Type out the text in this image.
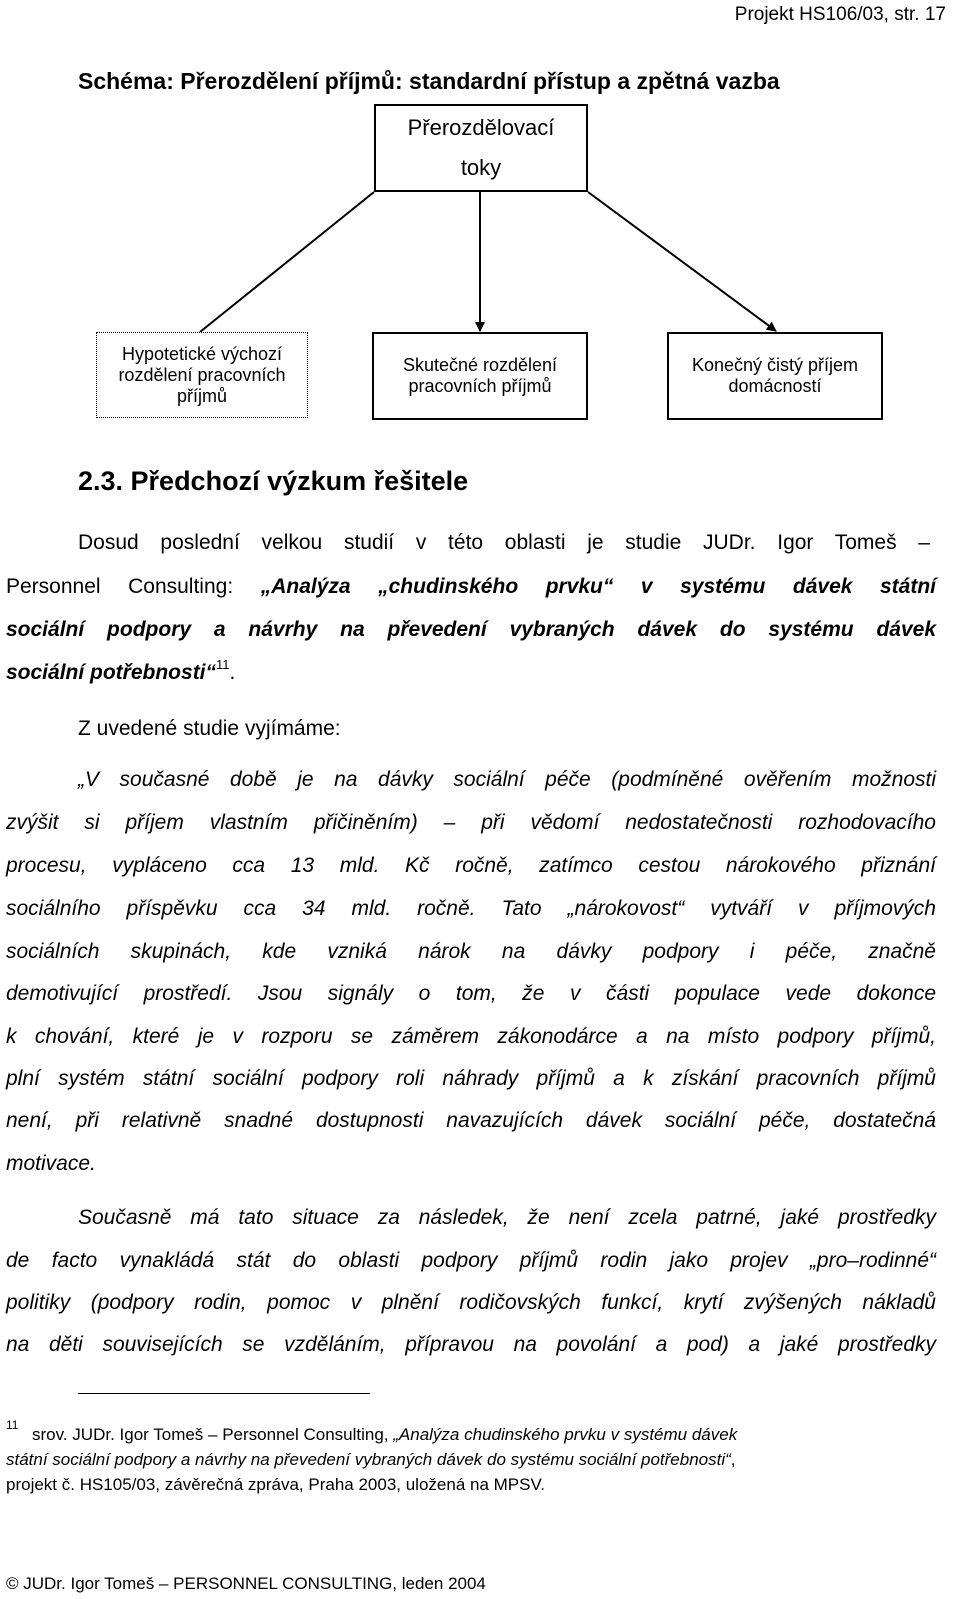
Projekt HS106/03, str. 17
Schéma: Přerozdělení příjmů: standardní přístup a zpětná vazba
Přerozdělovací
toky
Hypotetické výchozí
rozdělení pracovních
příjmů
Skutečné rozdělení
pracovních příjmů
Konečný čistý příjem
domácností
2.3. Předchozí výzkum řešitele
Dosud poslední velkou studií v této oblasti je studie JUDr. Igor Tomeš –
Personnel Consulting: „Analýza „chudinského prvku“ v systému dávek státní
sociální podpory a návrhy na převedení vybraných dávek do systému dávek
sociální potřebnosti“$^{11}$.
Z uvedené studie vyjímáme:
„V současné době je na dávky sociální péče (podmíněné ověřením možnosti
zvýšit si příjem vlastním přičiněním) – při vědomí nedostatečnosti rozhodovacího
procesu, vypláceno cca 13 mld. Kč ročně, zatímco cestou nárokového přiznání
sociálního příspěvku cca 34 mld. ročně. Tato „nárokovost“ vytváří v příjmových
sociálních skupinách, kde vzniká nárok na dávky podpory i péče, značně
demotivující prostředí. Jsou signály o tom, že v části populace vede dokonce
k chování, které je v rozporu se záměrem zákonodárce a na místo podpory příjmů,
plní systém státní sociální podpory roli náhrady příjmů a k získání pracovních příjmů
není, při relativně snadné dostupnosti navazujících dávek sociální péče, dostatečná
motivace.
Současně má tato situace za následek, že není zcela patrné, jaké prostředky
de facto vynakládá stát do oblasti podpory příjmů rodin jako projev „pro–rodinné“
politiky (podpory rodin, pomoc v plnění rodičovských funkcí, krytí zvýšených nákladů
na děti souvisejících se vzděláním, přípravou na povolání a pod) a jaké prostředky
11 srov. JUDr. Igor Tomeš – Personnel Consulting, „Analýza chudinského prvku v systému dávek
státní sociální podpory a návrhy na převedení vybraných dávek do systému sociální potřebnosti“,
projekt č. HS105/03, závěrečná zpráva, Praha 2003, uložená na MPSV.
© JUDr. Igor Tomeš – PERSONNEL CONSULTING, leden 2004
